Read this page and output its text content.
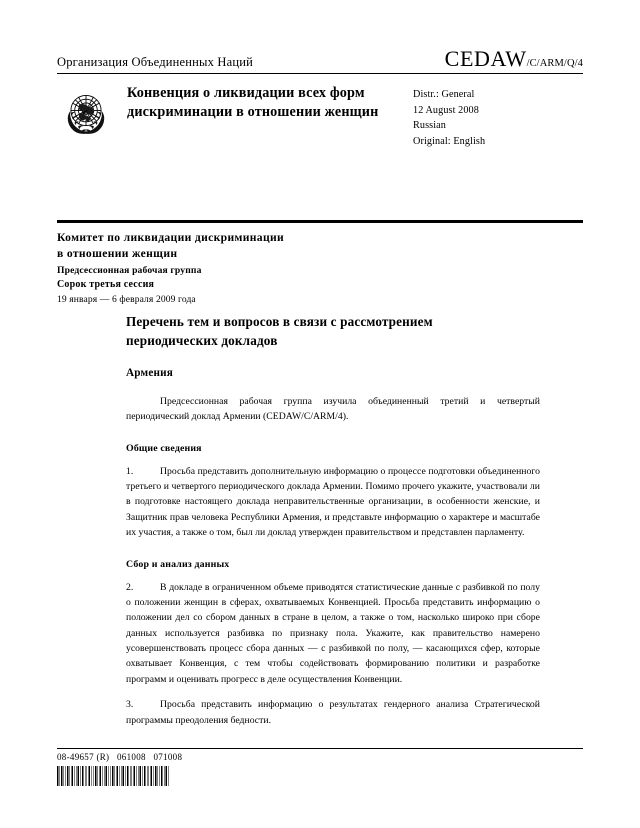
Организация Объединенных Наций	CEDAW /C/ARM/Q/4
Конвенция о ликвидации всех форм дискриминации в отношении женщин
Distr.: General
12 August 2008
Russian
Original: English
Комитет по ликвидации дискриминации
в отношении женщин
Предсессионная рабочая группа
Сорок третья сессия
19 января — 6 февраля 2009 года
Перечень тем и вопросов в связи с рассмотрением периодических докладов
Армения
Предсессионная рабочая группа изучила объединенный третий и четвертый периодический доклад Армении (CEDAW/C/ARM/4).
Общие сведения
1.	Просьба представить дополнительную информацию о процессе подготовки объединенного третьего и четвертого периодического доклада Армении. Помимо прочего укажите, участвовали ли в подготовке настоящего доклада неправительственные организации, в особенности женские, и Защитник прав человека Республики Армения, и представьте информацию о характере и масштабе их участия, а также о том, был ли доклад утвержден правительством и представлен парламенту.
Сбор и анализ данных
2.	В докладе в ограниченном объеме приводятся статистические данные с разбивкой по полу о положении женщин в сферах, охватываемых Конвенцией. Просьба представить информацию о положении дел со сбором данных в стране в целом, а также о том, насколько широко при сборе данных используется разбивка по признаку пола. Укажите, как правительство намерено усовершенствовать процесс сбора данных — с разбивкой по полу, — касающихся сфер, которые охватывает Конвенция, с тем чтобы содействовать формированию политики и разработке программ и оценивать прогресс в деле осуществления Конвенции.
3.	Просьба представить информацию о результатах гендерного анализа Стратегической программы преодоления бедности.
08-49657 (R)   061008   071008
